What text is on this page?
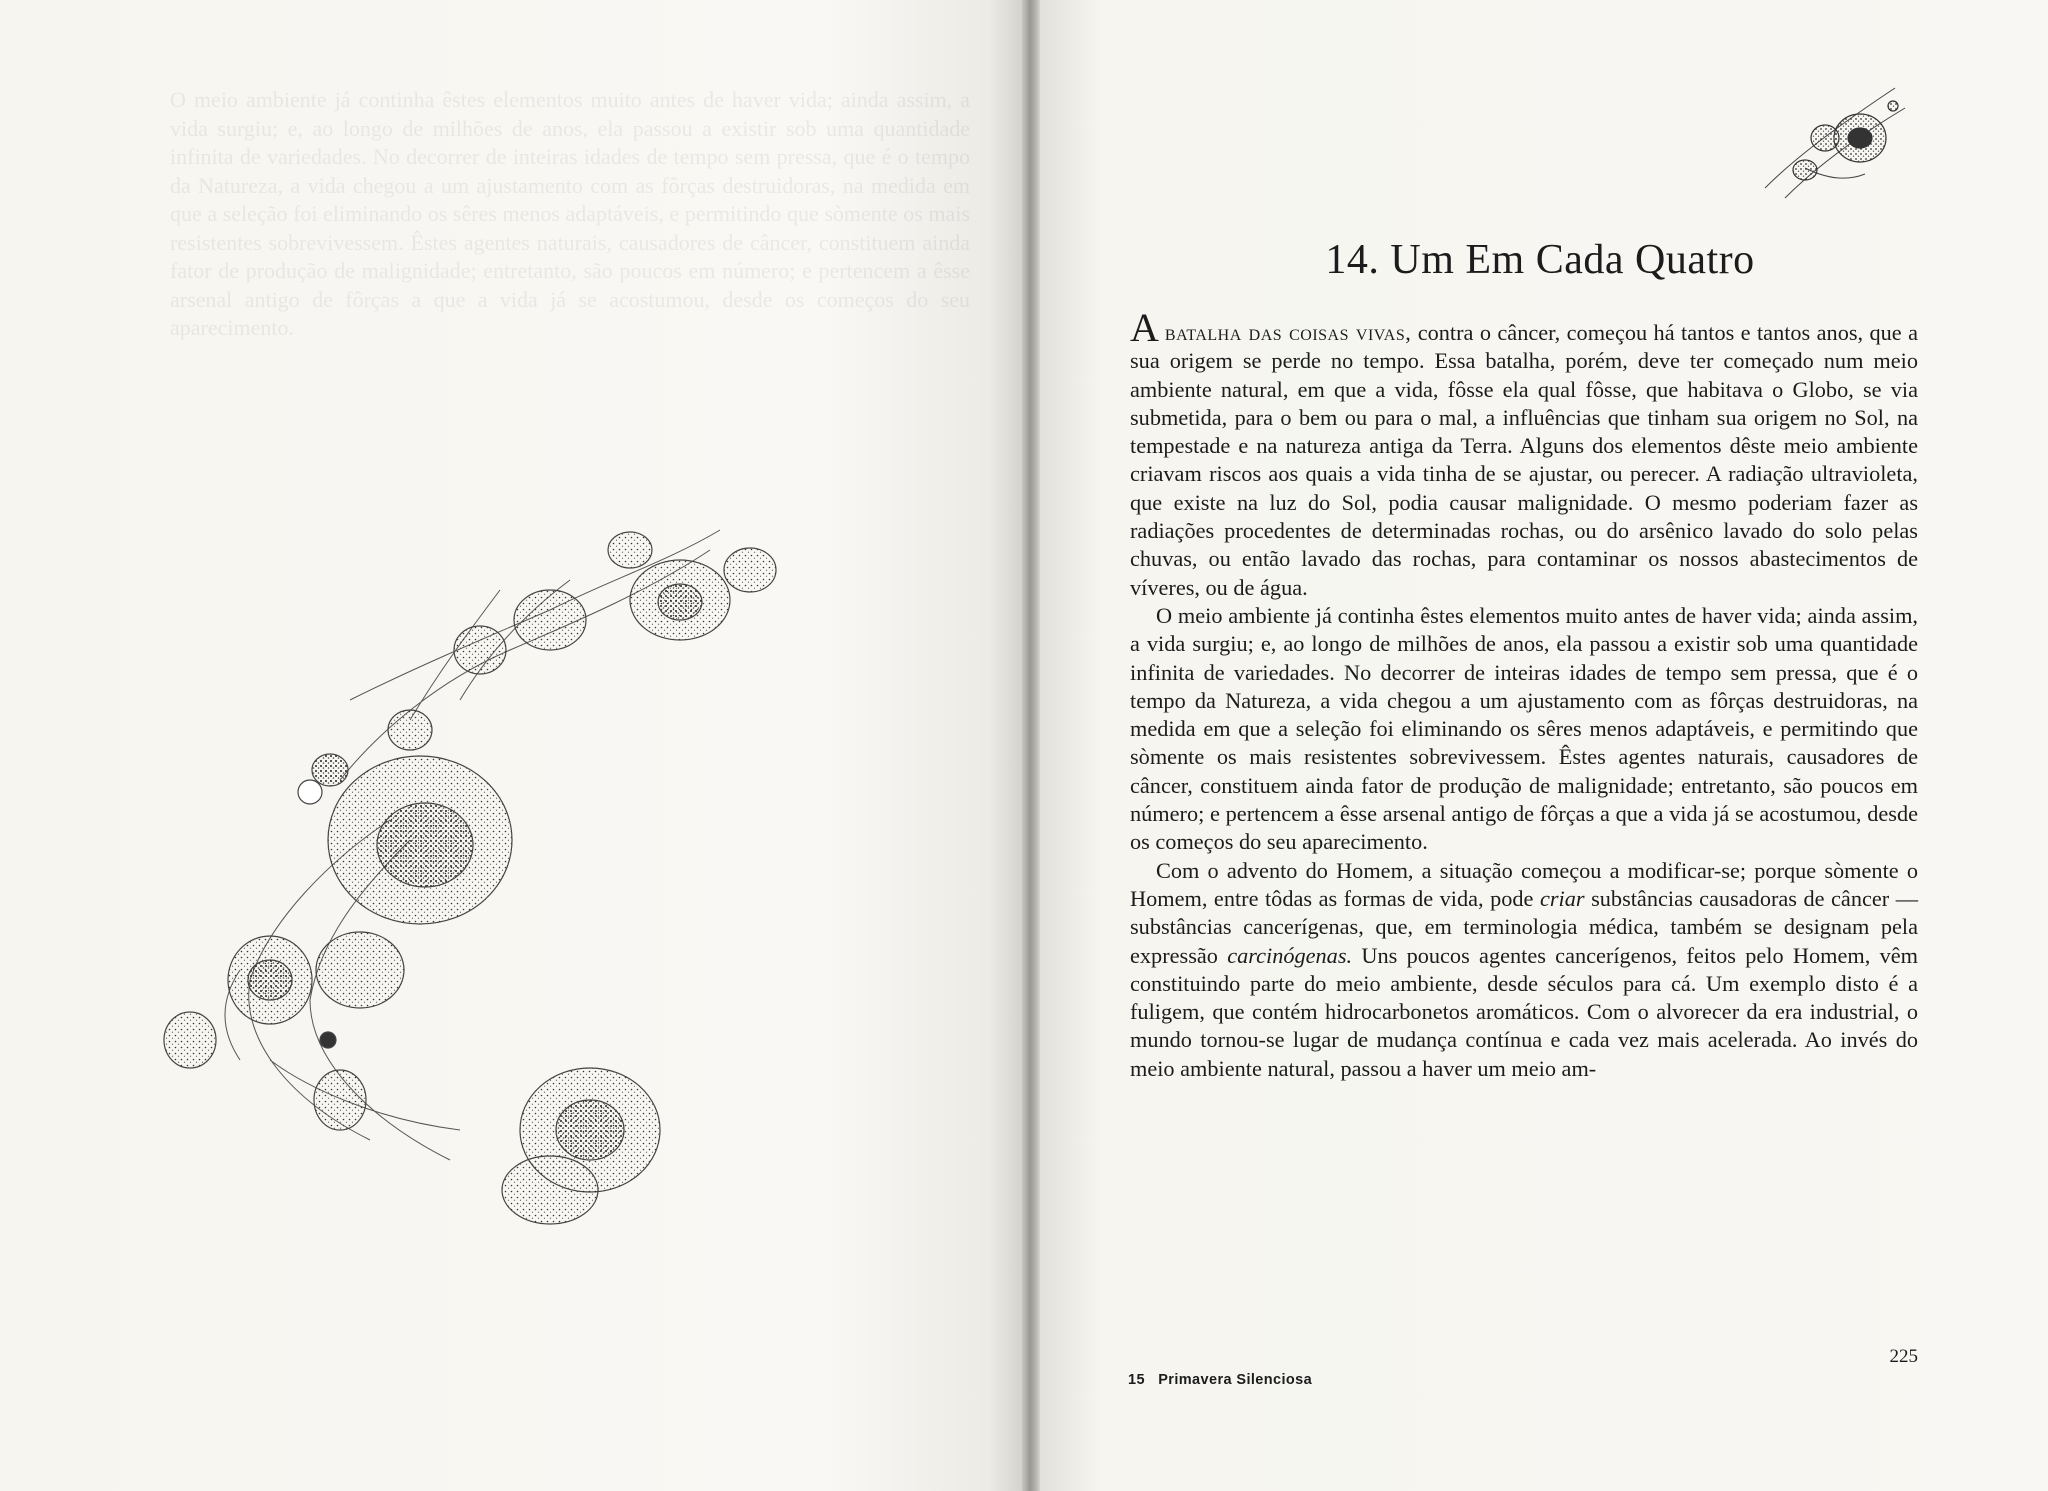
O meio ambiente já continha êstes elementos muito antes de haver vida; ainda assim, a vida surgiu; e, ao longo de milhões de anos, ela passou a existir sob uma quantidade infinita de variedades. No decorrer de inteiras idades de tempo sem pressa, que é o tempo da Natureza, a vida chegou a um ajustamento com as fôrças destruidoras, na medida em que a seleção foi eliminando os sêres menos adaptáveis, e permitindo que sòmente os mais resistentes sobrevivessem. Êstes agentes naturais, causadores de câncer, constituem ainda fator de produção de malignidade; entretanto, são poucos em número; e pertencem a êsse arsenal antigo de fôrças a que a vida já se acostumou, desde os começos do seu aparecimento.
14. Um Em Cada Quatro

Abatalha das coisas vivas, contra o câncer, começou há tantos e tantos anos, que a sua origem se perde no tempo. Essa batalha, porém, deve ter começado num meio ambiente natural, em que a vida, fôsse ela qual fôsse, que habitava o Globo, se via submetida, para o bem ou para o mal, a influências que tinham sua origem no Sol, na tempestade e na natureza antiga da Terra. Alguns dos elementos dêste meio ambiente criavam riscos aos quais a vida tinha de se ajustar, ou perecer. A radiação ultravioleta, que existe na luz do Sol, podia causar malignidade. O mesmo poderiam fazer as radiações procedentes de determinadas rochas, ou do arsênico lavado do solo pelas chuvas, ou então lavado das rochas, para contaminar os nossos abastecimentos de víveres, ou de água.

O meio ambiente já continha êstes elementos muito antes de haver vida; ainda assim, a vida surgiu; e, ao longo de milhões de anos, ela passou a existir sob uma quantidade infinita de variedades. No decorrer de inteiras idades de tempo sem pressa, que é o tempo da Natureza, a vida chegou a um ajustamento com as fôrças destruidoras, na medida em que a seleção foi eliminando os sêres menos adaptáveis, e permitindo que sòmente os mais resistentes sobrevivessem. Êstes agentes naturais, causadores de câncer, constituem ainda fator de produção de malignidade; entretanto, são poucos em número; e pertencem a êsse arsenal antigo de fôrças a que a vida já se acostumou, desde os começos do seu aparecimento.

Com o advento do Homem, a situação começou a modificar-se; porque sòmente o Homem, entre tôdas as formas de vida, pode criar substâncias causadoras de câncer — substâncias cancerígenas, que, em terminologia médica, também se designam pela expressão carcinógenas. Uns poucos agentes cancerígenos, feitos pelo Homem, vêm constituindo parte do meio ambiente, desde séculos para cá. Um exemplo disto é a fuligem, que contém hidrocarbonetos aromáticos. Com o alvorecer da era industrial, o mundo tornou-se lugar de mudança contínua e cada vez mais acelerada. Ao invés do meio ambiente natural, passou a haver um meio am-

225
15   Primavera Silenciosa
